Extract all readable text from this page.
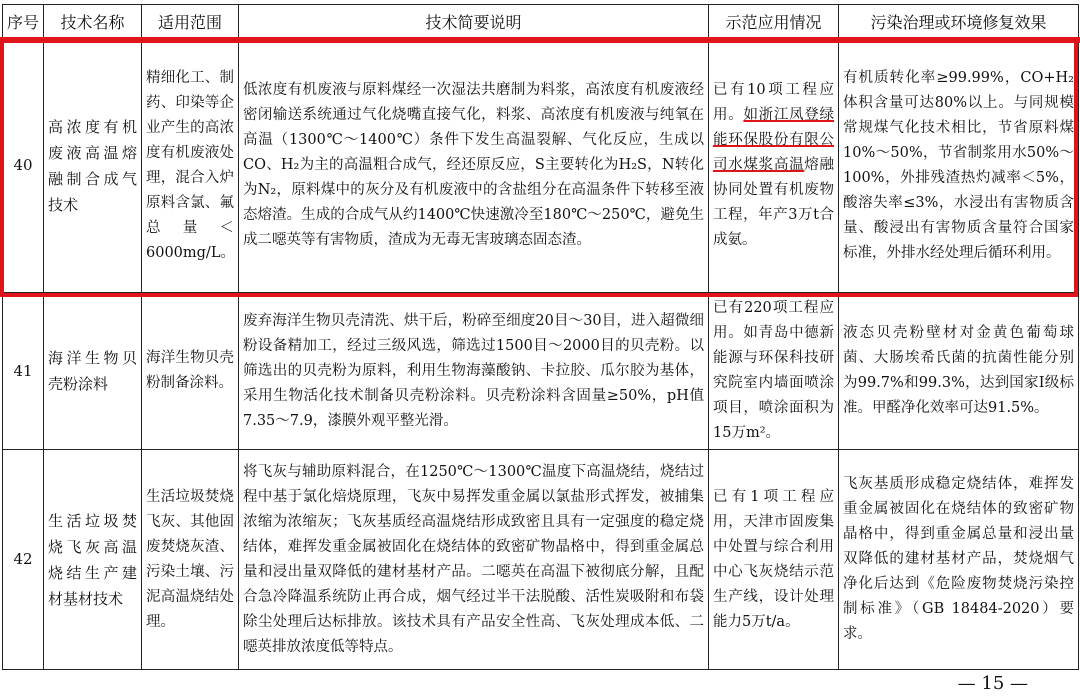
序号	技术名称	适用范围	技术简要说明	示范应用情况	污染治理或环境修复效果
40	高浓度有机废液高温熔融制合成气技术	精细化工、制药、印染等企业产生的高浓度有机废液处理，混合入炉原料含氯、氟总量＜6000mg/L。	低浓度有机废液与原料煤经一次湿法共磨制为料浆，高浓度有机废液经密闭输送系统通过气化烧嘴直接气化，料浆、高浓度有机废液与纯氧在高温（1300℃～1400℃）条件下发生高温裂解、气化反应，生成以CO、H₂为主的高温粗合成气，经还原反应，S主要转化为H₂S，N转化为N₂，原料煤中的灰分及有机废液中的含盐组分在高温条件下转移至液态熔渣。生成的合成气从约1400℃快速激冷至180℃～250℃，避免生成二噁英等有害物质，渣成为无毒无害玻璃态固态渣。	已有10项工程应用。如浙江凤登绿能环保股份有限公司水煤浆高温熔融协同处置有机废物工程，年产3万t合成氨。	有机质转化率≥99.99%，CO+H₂体积含量可达80%以上。与同规模常规煤气化技术相比，节省原料煤10%～50%，节省制浆用水50%～100%，外排残渣热灼减率＜5%，酸溶失率≤3%，水浸出有害物质含量、酸浸出有害物质含量符合国家标准，外排水经处理后循环利用。
41	海洋生物贝壳粉涂料	海洋生物贝壳粉制备涂料。	废弃海洋生物贝壳清洗、烘干后，粉碎至细度20目～30目，进入超微细粉设备精加工，经过三级风选，筛选过1500目～2000目的贝壳粉。以筛选出的贝壳粉为原料，利用生物海藻酸钠、卡拉胶、瓜尔胶为基体，采用生物活化技术制备贝壳粉涂料。贝壳粉涂料含固量≥50%，pH值7.35～7.9，漆膜外观平整光滑。	已有220项工程应用。如青岛中德新能源与环保科技研究院室内墙面喷涂项目，喷涂面积为15万m²。	液态贝壳粉壁材对金黄色葡萄球菌、大肠埃希氏菌的抗菌性能分别为99.7%和99.3%，达到国家I级标准。甲醛净化效率可达91.5%。
42	生活垃圾焚烧飞灰高温烧结生产建材基材技术	生活垃圾焚烧飞灰、其他固废焚烧灰渣、污染土壤、污泥高温烧结处理。	将飞灰与辅助原料混合，在1250℃～1300℃温度下高温烧结，烧结过程中基于氯化焙烧原理，飞灰中易挥发重金属以氯盐形式挥发，被捕集浓缩为浓缩灰；飞灰基质经高温烧结形成致密且具有一定强度的稳定烧结体，难挥发重金属被固化在烧结体的致密矿物晶格中，得到重金属总量和浸出量双降低的建材基材产品。二噁英在高温下被彻底分解，且配合急冷降温系统防止再合成，烟气经过半干法脱酸、活性炭吸附和布袋除尘处理后达标排放。该技术具有产品安全性高、飞灰处理成本低、二噁英排放浓度低等特点。	已有1项工程应用，天津市固废集中处置与综合利用中心飞灰烧结示范生产线，设计处理能力5万t/a。	飞灰基质形成稳定烧结体，难挥发重金属被固化在烧结体的致密矿物晶格中，得到重金属总量和浸出量双降低的建材基材产品，焚烧烟气净化后达到《危险废物焚烧污染控制标准》（GB 18484-2020）要求。
— 15 —
